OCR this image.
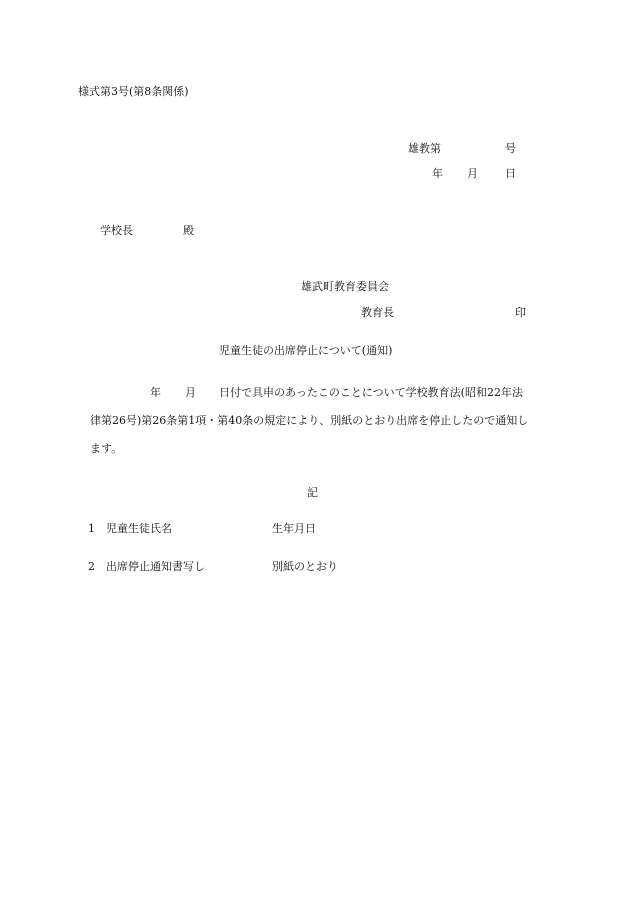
様式第3号(第8条関係)
雄教第	号
年 月 日
学校長	殿
雄武町教育委員会
教育長	印
児童生徒の出席停止について(通知)
年 月 日付で具申のあったこのことについて学校教育法(昭和22年法
律第26号)第26条第1項・第40条の規定により、別紙のとおり出席を停止したので通知し
ます。
記
1 児童生徒氏名	生年月日
2 出席停止通知書写し	別紙のとおり
